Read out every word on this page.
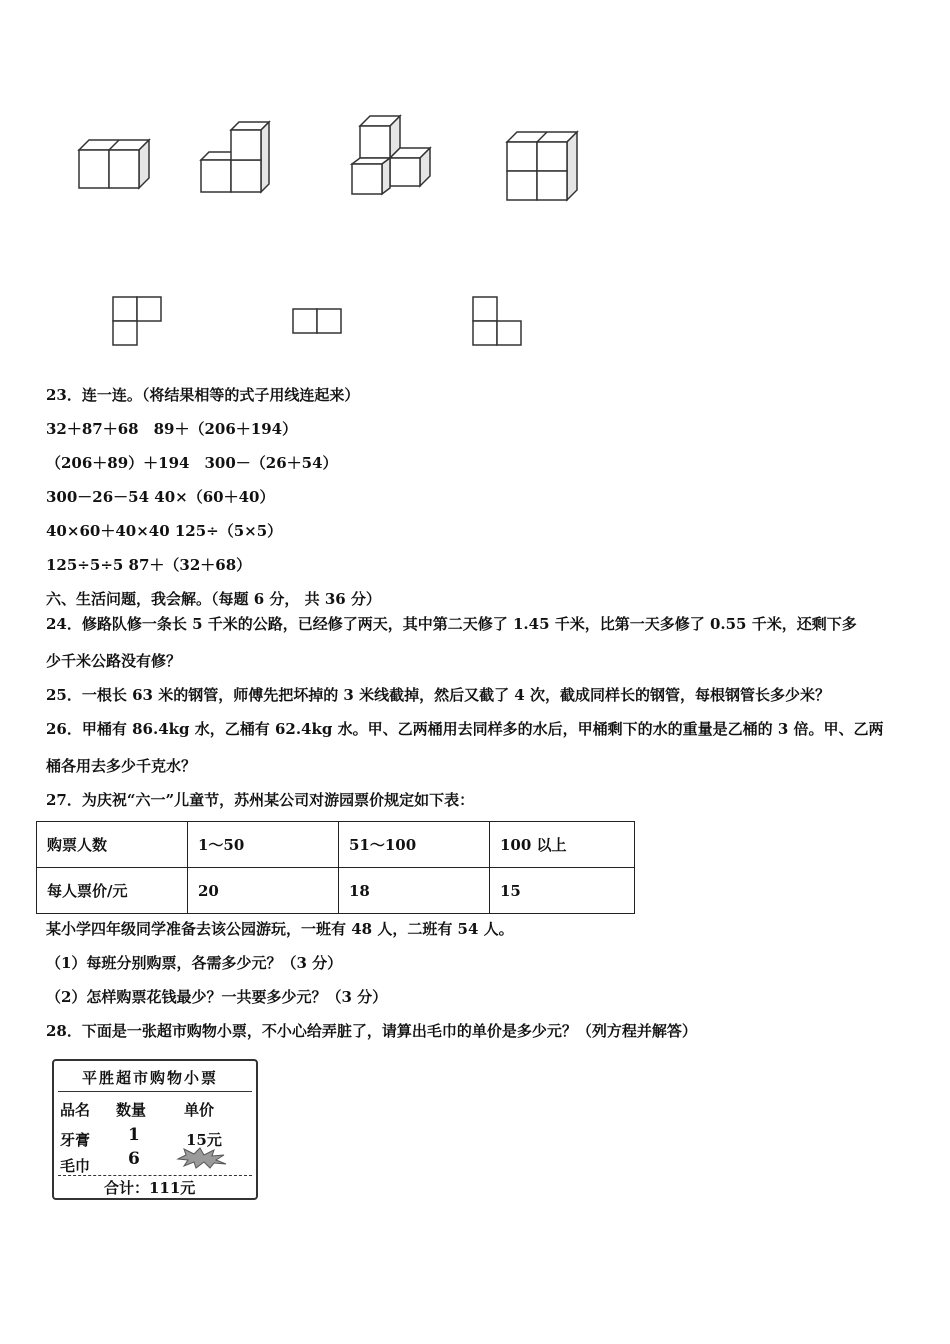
23．连一连。（将结果相等的式子用线连起来）
32＋87＋68　89＋（206＋194）
（206＋89）＋194　300－（26＋54）
300－26－54 40×（60＋40）
40×60＋40×40 125÷（5×5）
125÷5÷5 87＋（32＋68）
六、生活问题，我会解。（每题 6 分， 共 36 分）
24．修路队修一条长 5 千米的公路，已经修了两天，其中第二天修了 1.45 千米，比第一天多修了 0.55 千米，还剩下多
少千米公路没有修？
25．一根长 63 米的钢管，师傅先把坏掉的 3 米线截掉，然后又截了 4 次，截成同样长的钢管，每根钢管长多少米？
26．甲桶有 86.4kg 水，乙桶有 62.4kg 水。甲、乙两桶用去同样多的水后，甲桶剩下的水的重量是乙桶的 3 倍。甲、乙两
桶各用去多少千克水？
27．为庆祝“六一”儿童节，苏州某公司对游园票价规定如下表：
购票人数	1～50	51～100	100 以上
每人票价/元	20	18	15
某小学四年级同学准备去该公园游玩，一班有 48 人，二班有 54 人。
（1）每班分别购票，各需多少元？（3 分）
（2）怎样购票花钱最少？一共要多少元？（3 分）
28．下面是一张超市购物小票，不小心给弄脏了，请算出毛巾的单价是多少元？（列方程并解答）
平胜超市购物小票
品名 数量	单价
牙膏 1	15元
毛巾 6
合计：111元
